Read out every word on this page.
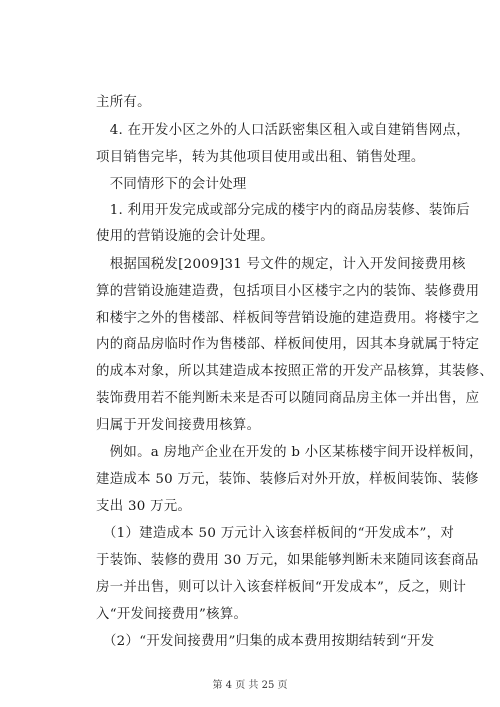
主所有。
　4. 在开发小区之外的人口活跃密集区租入或自建销售网点，
项目销售完毕，转为其他项目使用或出租、销售处理。
　不同情形下的会计处理
　1. 利用开发完成或部分完成的楼宇内的商品房装修、装饰后
使用的营销设施的会计处理。
　根据国税发[2009]31 号文件的规定，计入开发间接费用核
算的营销设施建造费，包括项目小区楼宇之内的装饰、装修费用
和楼宇之外的售楼部、样板间等营销设施的建造费用。将楼宇之
内的商品房临时作为售楼部、样板间使用，因其本身就属于特定
的成本对象，所以其建造成本按照正常的开发产品核算，其装修、
装饰费用若不能判断未来是否可以随同商品房主体一并出售，应
归属于开发间接费用核算。
　例如。a 房地产企业在开发的 b 小区某栋楼宇间开设样板间，
建造成本 50 万元，装饰、装修后对外开放，样板间装饰、装修
支出 30 万元。
　（1）建造成本 50 万元计入该套样板间的“开发成本”，对
于装饰、装修的费用 30 万元，如果能够判断未来随同该套商品
房一并出售，则可以计入该套样板间“开发成本”，反之，则计
入“开发间接费用”核算。
　（2）“开发间接费用”归集的成本费用按期结转到“开发
第 4 页 共 25 页
